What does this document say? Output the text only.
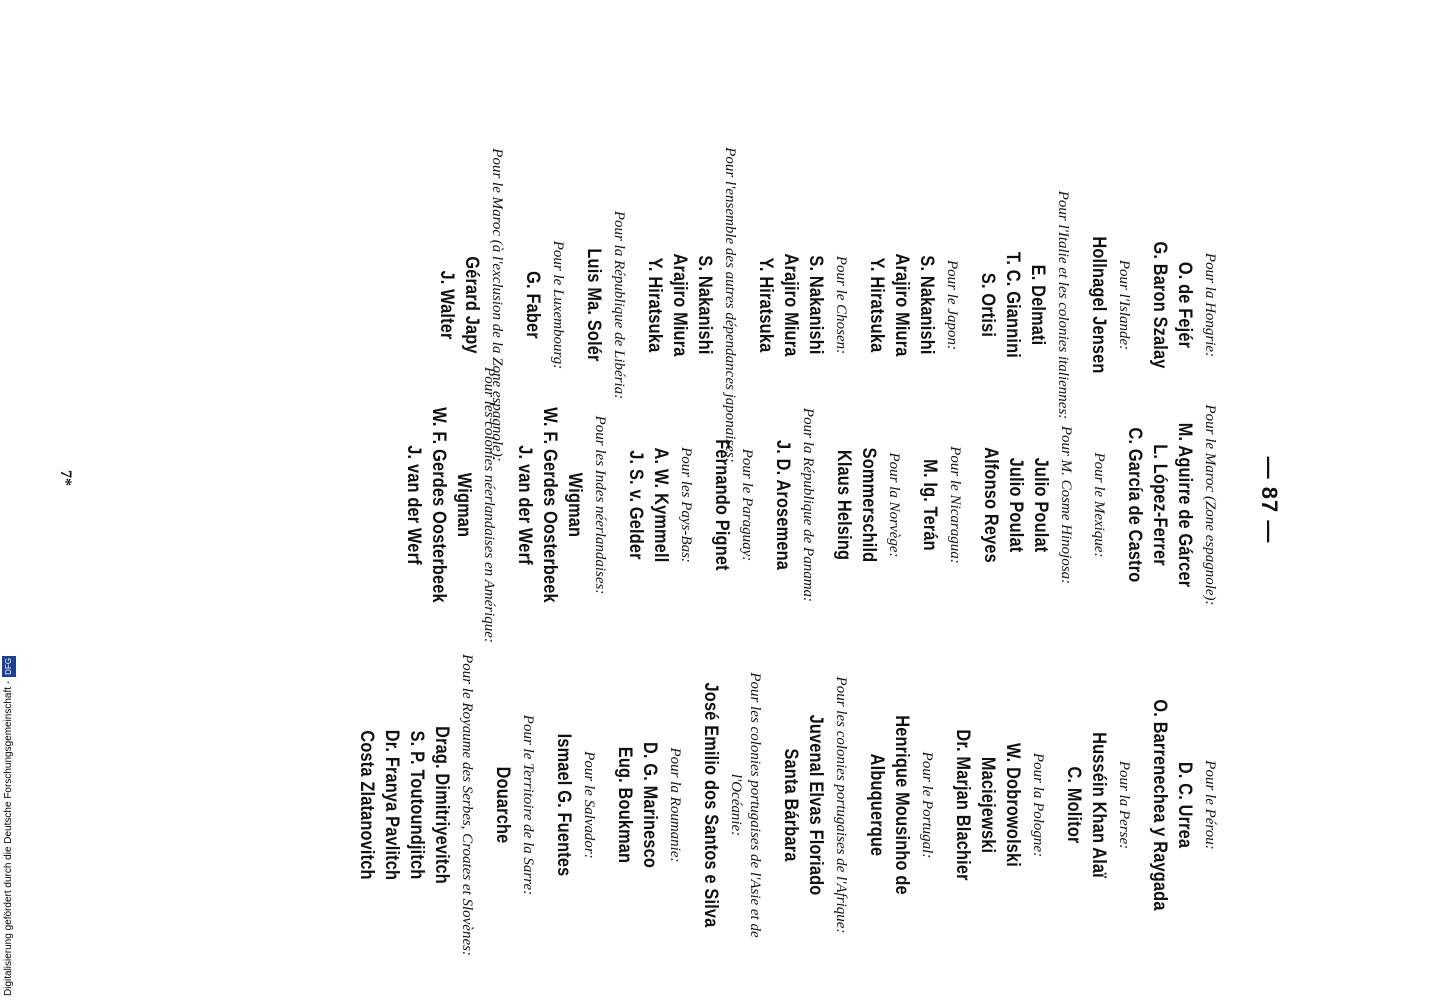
— 87 —
Pour la Hongrie:
O. de Fejér
G. Baron Szalay
Pour l'Islande:
Hollnagel Jensen
Pour l'Italie et les colonies italiennes:
E. Delmati
T. C. Giannini
S. Ortisi
Pour le Japon:
S. Nakanishi
Arajiro Miura
Y. Hiratsuka
Pour le Chosen:
S. Nakanishi
Arajiro Miura
Y. Hiratsuka
Pour l'ensemble des autres dépendances japonaises:
S. Nakanishi
Arajiro Miura
Y. Hiratsuka
Pour la République de Libéria:
Luis Ma. Solér
Pour le Luxembourg:
G. Faber
Pour le Maroc (à l'exclusion de la Zone espagnole):
Gérard Japy
J. Walter
Pour le Maroc (Zone espagnole):
M. Aguirre de Gárcer
L. López-Ferrer
C. García de Castro
Pour le Mexique:
Pour M. Cosme Hinojosa:
Julio Poulat
Julio Poulat
Alfonso Reyes
Pour le Nicaragua:
M. Ig. Terán
Pour la Norvège:
Sommerschild
Klaus Helsing
Pour la République de Panama:
J. D. Arosemena
Pour le Paraguay:
Fernando Pignet
Pour les Pays-Bas:
A. W. Kymmell
J. S. v. Gelder
Pour les Indes néerlandaises:
Wigman
W. F. Gerdes Oosterbeek
J. van der Werf
Pour les colonies néerlandaises en Amérique:
Wigman
W. F. Gerdes Oosterbeek
J. van der Werf
Pour le Pérou:
D. C. Urrea
O. Barrenechea y Raygada
Pour la Perse:
Husséin Khan Alaï
C. Molitor
Pour la Pologne:
W. Dobrowolski
Maciejewski
Dr. Marjan Blachier
Pour le Portugal:
Henrique Mousinho de
Albuquerque
Pour les colonies portugaises de l'Afrique:
Juvenal Elvas Floriado
Santa Bárbara
Pour les colonies portugaises de l'Asie et de l'Océanie:
José Emilio dos Santos e Silva
Pour la Roumanie:
D. G. Marinesco
Eug. Boukman
Pour le Salvador:
Ismael G. Fuentes
Pour le Territoire de la Sarre:
Douarche
Pour le Royaume des Serbes, Croates et Slovènes:
Drag. Dimitriyevitch
S. P. Toutoundjitch
Dr. Franya Pavlitch
Costa Zlatanovitch
7*
Digitalisierung gefördert durch die Deutsche Forschungsgemeinschaft -DFG
